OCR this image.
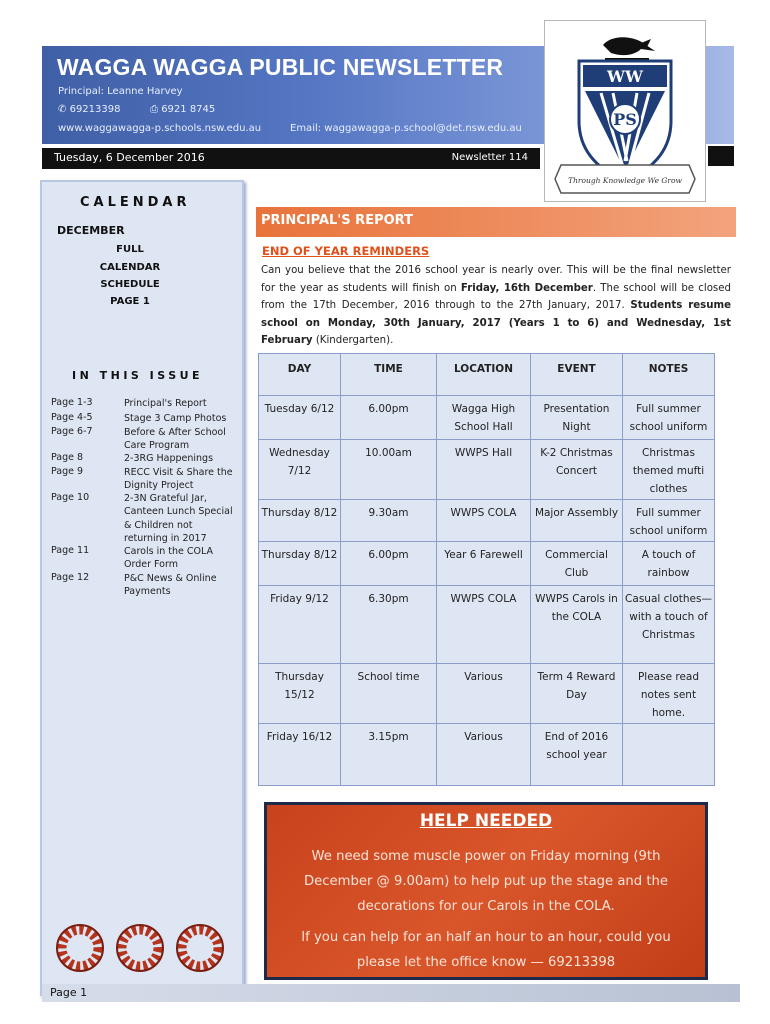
WAGGA WAGGA PUBLIC NEWSLETTER
Principal: Leanne Harvey
✆ 69213398	⎙ 6921 8745
www.waggawagga-p.schools.nsw.edu.au	Email: waggawagga-p.school@det.nsw.edu.au
Tuesday, 6 December 2016	Newsletter 114
WW
PS
Through Knowledge We Grow
CALENDAR
DECEMBER
FULL
CALENDAR
SCHEDULE
PAGE 1
IN THIS ISSUE
Page 1-3	Principal's Report
Page 4-5	Stage 3 Camp Photos
Page 6-7	Before & After School Care Program
Page 8	2-3RG Happenings
Page 9	RECC Visit & Share the Dignity Project
Page 10	2-3N Grateful Jar, Canteen Lunch Special & Children not returning in 2017
Page 11	Carols in the COLA Order Form
Page 12	P&C News & Online Payments
Page 1
PRINCIPAL'S REPORT
END OF YEAR REMINDERS
Can you believe that the 2016 school year is nearly over. This will be the final newsletter for the year as students will finish on Friday, 16th December. The school will be closed from the 17th December, 2016 through to the 27th January, 2017. Students resume school on Monday, 30th January, 2017 (Years 1 to 6) and Wednesday, 1st February (Kindergarten).
DAY	TIME	LOCATION	EVENT	NOTES
Tuesday 6/12	6.00pm	Wagga High School Hall	Presentation Night	Full summer school uniform
Wednesday 7/12	10.00am	WWPS Hall	K-2 Christmas Concert	Christmas themed mufti clothes
Thursday 8/12	9.30am	WWPS COLA	Major Assembly	Full summer school uniform
Thursday 8/12	6.00pm	Year 6 Farewell	Commercial Club	A touch of rainbow
Friday 9/12	6.30pm	WWPS COLA	WWPS Carols in the COLA	Casual clothes— with a touch of Christmas
Thursday 15/12	School time	Various	Term 4 Reward Day	Please read notes sent home.
Friday 16/12	3.15pm	Various	End of 2016 school year	
HELP NEEDED
We need some muscle power on Friday morning (9th
December @ 9.00am) to help put up the stage and the
decorations for our Carols in the COLA.
If you can help for an half an hour to an hour, could you
please let the office know — 69213398
